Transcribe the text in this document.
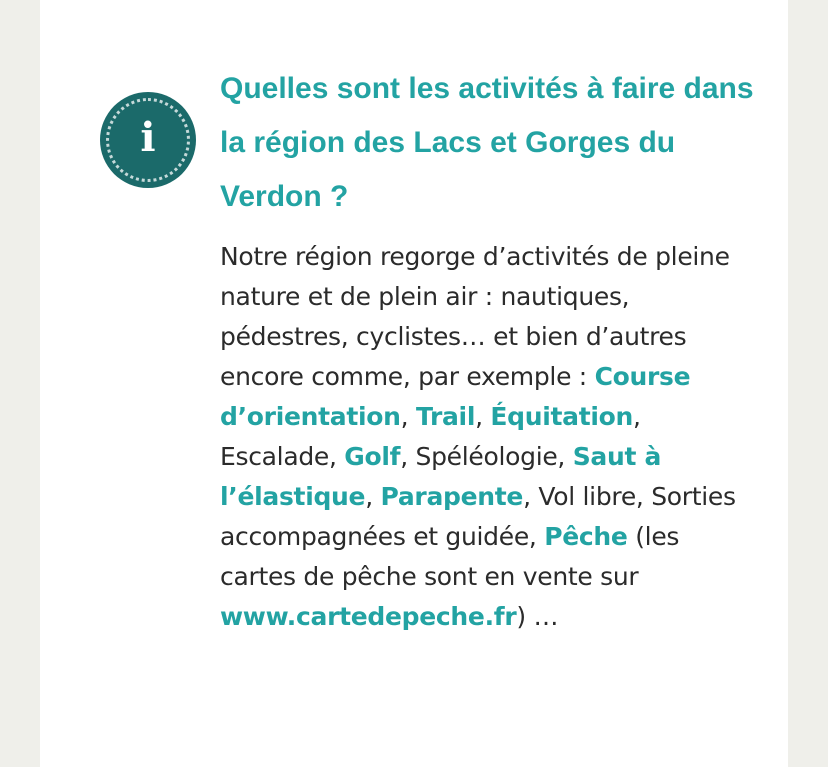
i
Quelles sont les activités à faire dans la région des Lacs et Gorges du Verdon ?

Notre région regorge d’activités de pleine nature et de plein air : nautiques, pédestres, cyclistes… et bien d’autres encore comme, par exemple : Course d’orientation, Trail, Équitation, Escalade, Golf, Spéléologie, Saut à l’élastique, Parapente, Vol libre, Sorties accompagnées et guidée, Pêche (les cartes de pêche sont en vente sur www.cartedepeche.fr) …
